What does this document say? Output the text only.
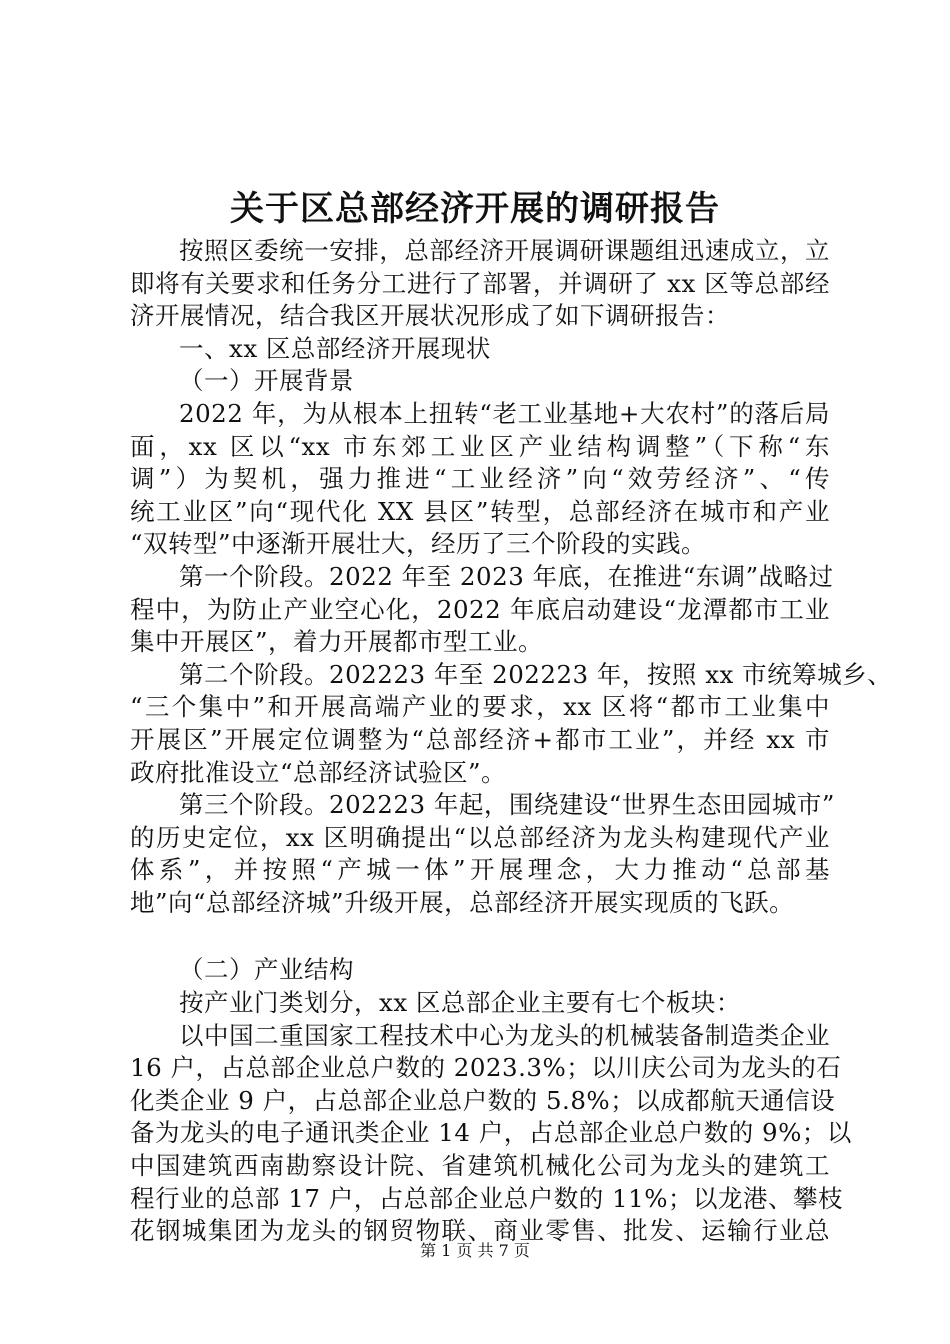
关于区总部经济开展的调研报告
按照区委统一安排，总部经济开展调研课题组迅速成立，立
即将有关要求和任务分工进行了部署，并调研了 xx 区等总部经
济开展情况，结合我区开展状况形成了如下调研报告：
一、xx 区总部经济开展现状
（一）开展背景
2022 年，为从根本上扭转“老工业基地+大农村”的落后局
面，xx 区以“xx 市东郊工业区产业结构调整”（下称“东
调”）为契机，强力推进“工业经济”向“效劳经济”、“传
统工业区”向“现代化 XX 县区”转型，总部经济在城市和产业
“双转型”中逐渐开展壮大，经历了三个阶段的实践。
第一个阶段。2022 年至 2023 年底，在推进“东调”战略过
程中，为防止产业空心化，2022 年底启动建设“龙潭都市工业
集中开展区”，着力开展都市型工业。
第二个阶段。202223 年至 202223 年，按照 xx 市统筹城乡、
“三个集中”和开展高端产业的要求，xx 区将“都市工业集中
开展区”开展定位调整为“总部经济+都市工业”，并经 xx 市
政府批准设立“总部经济试验区”。
第三个阶段。202223 年起，围绕建设“世界生态田园城市”
的历史定位，xx 区明确提出“以总部经济为龙头构建现代产业
体系”，并按照“产城一体”开展理念，大力推动“总部基
地”向“总部经济城”升级开展，总部经济开展实现质的飞跃。
（二）产业结构
按产业门类划分，xx 区总部企业主要有七个板块：
以中国二重国家工程技术中心为龙头的机械装备制造类企业
16 户，占总部企业总户数的 2023.3%；以川庆公司为龙头的石
化类企业 9 户，占总部企业总户数的 5.8%；以成都航天通信设
备为龙头的电子通讯类企业 14 户，占总部企业总户数的 9%；以
中国建筑西南勘察设计院、省建筑机械化公司为龙头的建筑工
程行业的总部 17 户，占总部企业总户数的 11%；以龙港、攀枝
花钢城集团为龙头的钢贸物联、商业零售、批发、运输行业总
第 1 页 共 7 页
